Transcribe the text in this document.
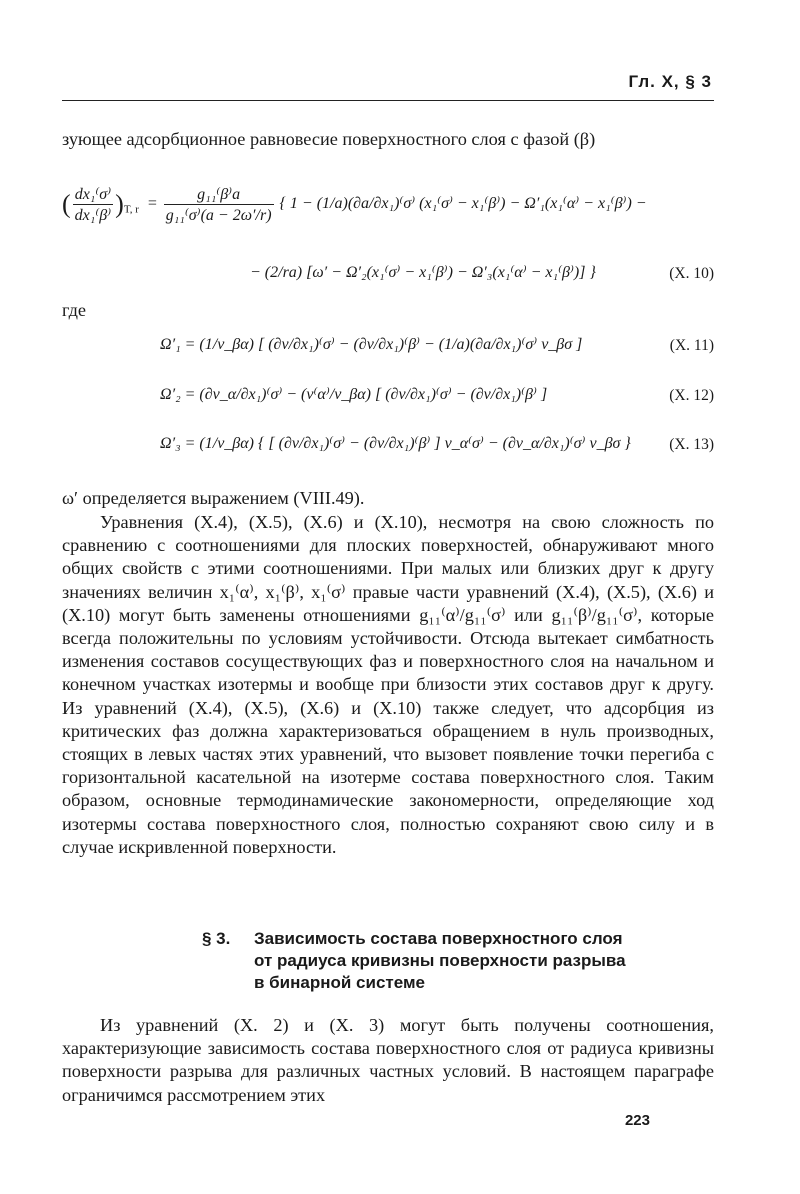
Гл. X, § 3
зующее адсорбционное равновесие поверхностного слоя с фазой (β)
( $\frac{\text{dx₁⁽σ⁾}}{\text{dx₁⁽β⁾}} )_{T, r} = \frac{\text{g₁₁⁽β⁾a}}{\text{g₁₁⁽σ⁾(a − 2ω′/r)}}$ { 1 − (1/a)(∂a/∂x₁)⁽σ⁾ (x₁⁽σ⁾ − x₁⁽β⁾) − Ω′₁(x₁⁽α⁾ − x₁⁽β⁾) −
− (2/ra) [ω′ − Ω′₂(x₁⁽σ⁾ − x₁⁽β⁾) − Ω′₃(x₁⁽α⁾ − x₁⁽β⁾)] }	(X. 10)
где
Ω′₁ = (1/v_βα) [ (∂v/∂x₁)⁽σ⁾ − (∂v/∂x₁)⁽β⁾ − (1/a)(∂a/∂x₁)⁽σ⁾ v_βσ ]	(X. 11)
Ω′₂ = (∂v_α/∂x₁)⁽σ⁾ − (v⁽α⁾/v_βα) [ (∂v/∂x₁)⁽σ⁾ − (∂v/∂x₁)⁽β⁾ ]	(X. 12)
Ω′₃ = (1/v_βα) { [ (∂v/∂x₁)⁽σ⁾ − (∂v/∂x₁)⁽β⁾ ] v_α⁽σ⁾ − (∂v_α/∂x₁)⁽σ⁾ v_βσ } (X. 13)
ω′ определяется выражением (VIII.49).
Уравнения (X.4), (X.5), (X.6) и (X.10), несмотря на свою сложность по сравнению с соотношениями для плоских поверхностей, обнаруживают много общих свойств с этими соотношениями. При малых или близких друг к другу значениях величин x₁⁽α⁾, x₁⁽β⁾, x₁⁽σ⁾ правые части уравнений (X.4), (X.5), (X.6) и (X.10) могут быть заменены отношениями g₁₁⁽α⁾/g₁₁⁽σ⁾ или g₁₁⁽β⁾/g₁₁⁽σ⁾, которые всегда положительны по условиям устойчивости. Отсюда вытекает симбатность изменения составов сосуществующих фаз и поверхностного слоя на начальном и конечном участках изотермы и вообще при близости этих составов друг к другу. Из уравнений (X.4), (X.5), (X.6) и (X.10) также следует, что адсорбция из критических фаз должна характеризоваться обращением в нуль производных, стоящих в левых частях этих уравнений, что вызовет появление точки перегиба с горизонтальной касательной на изотерме состава поверхностного слоя. Таким образом, основные термодинамические закономерности, определяющие ход изотермы состава поверхностного слоя, полностью сохраняют свою силу и в случае искривленной поверхности.
§ 3. Зависимость состава поверхностного слоя
от радиуса кривизны поверхности разрыва
в бинарной системе
Из уравнений (X. 2) и (X. 3) могут быть получены соотношения, характеризующие зависимость состава поверхностного слоя от радиуса кривизны поверхности разрыва для различных частных условий. В настоящем параграфе ограничимся рассмотрением этих
223
